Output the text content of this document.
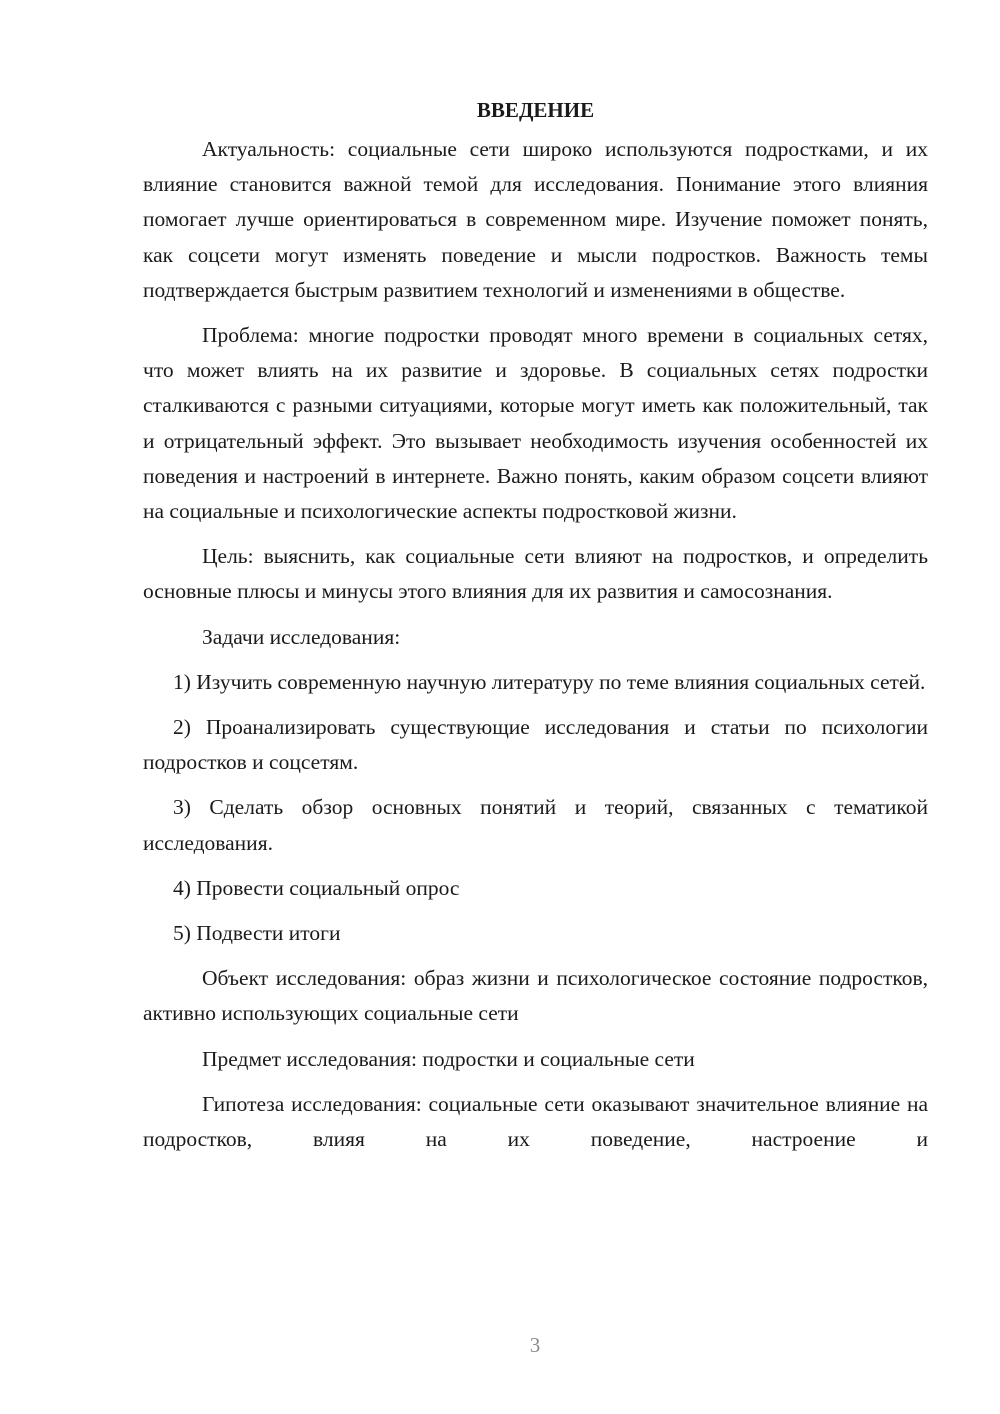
ВВЕДЕНИЕ

Актуальность: социальные сети широко используются подростками, и их влияние становится важной темой для исследования. Понимание этого влияния помогает лучше ориентироваться в современном мире. Изучение поможет понять, как соцсети могут изменять поведение и мысли подростков. Важность темы подтверждается быстрым развитием технологий и изменениями в обществе.

Проблема: многие подростки проводят много времени в социальных сетях, что может влиять на их развитие и здоровье. В социальных сетях подростки сталкиваются с разными ситуациями, которые могут иметь как положительный, так и отрицательный эффект. Это вызывает необходимость изучения особенностей их поведения и настроений в интернете. Важно понять, каким образом соцсети влияют на социальные и психологические аспекты подростковой жизни.

Цель: выяснить, как социальные сети влияют на подростков, и определить основные плюсы и минусы этого влияния для их развития и самосознания.

Задачи исследования:

1) Изучить современную научную литературу по теме влияния социальных сетей.

2) Проанализировать существующие исследования и статьи по психологии подростков и соцсетям.

3) Сделать обзор основных понятий и теорий, связанных с тематикой исследования.

4) Провести социальный опрос

5) Подвести итоги

Объект исследования: образ жизни и психологическое состояние подростков, активно использующих социальные сети

Предмет исследования: подростки и социальные сети

Гипотеза исследования: социальные сети оказывают значительное влияние на подростков, влияя на их поведение, настроение и

3
